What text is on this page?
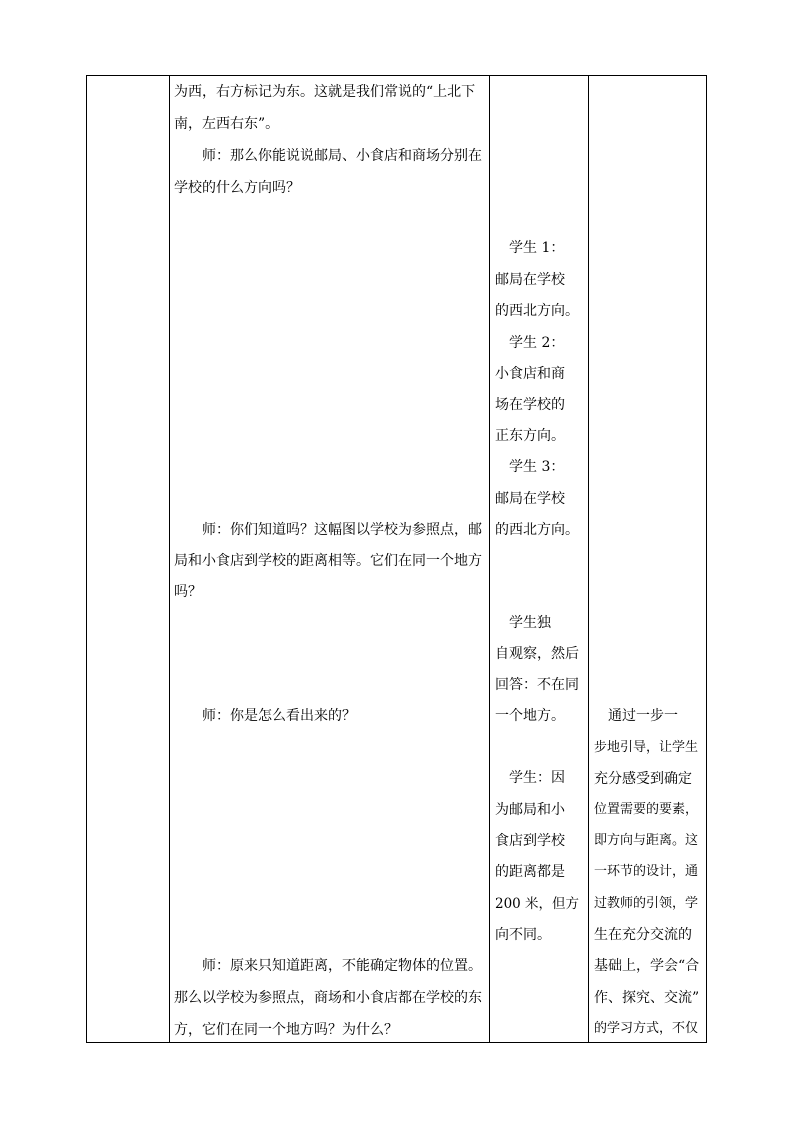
为西，右方标记为东。这就是我们常说的“上北下
南，左西右东”。
　　师：那么你能说说邮局、小食店和商场分别在
学校的什么方向吗？
　　师：你们知道吗？这幅图以学校为参照点，邮
局和小食店到学校的距离相等。它们在同一个地方
吗？
　　师：你是怎么看出来的？
　　师：原来只知道距离，不能确定物体的位置。
那么以学校为参照点，商场和小食店都在学校的东
方，它们在同一个地方吗？为什么？
　学生 1：
邮局在学校
的西北方向。
　学生 2：
小食店和商
场在学校的
正东方向。
　学生 3：
邮局在学校
的西北方向。
　学生独
自观察，然后
回答：不在同
一个地方。
　学生：因
为邮局和小
食店到学校
的距离都是
200 米，但方
向不同。
　通过一步一
步地引导，让学生
充分感受到确定
位置需要的要素，
即方向与距离。这
一环节的设计，通
过教师的引领，学
生在充分交流的
基础上，学会“合
作、探究、交流”
的学习方式，不仅
